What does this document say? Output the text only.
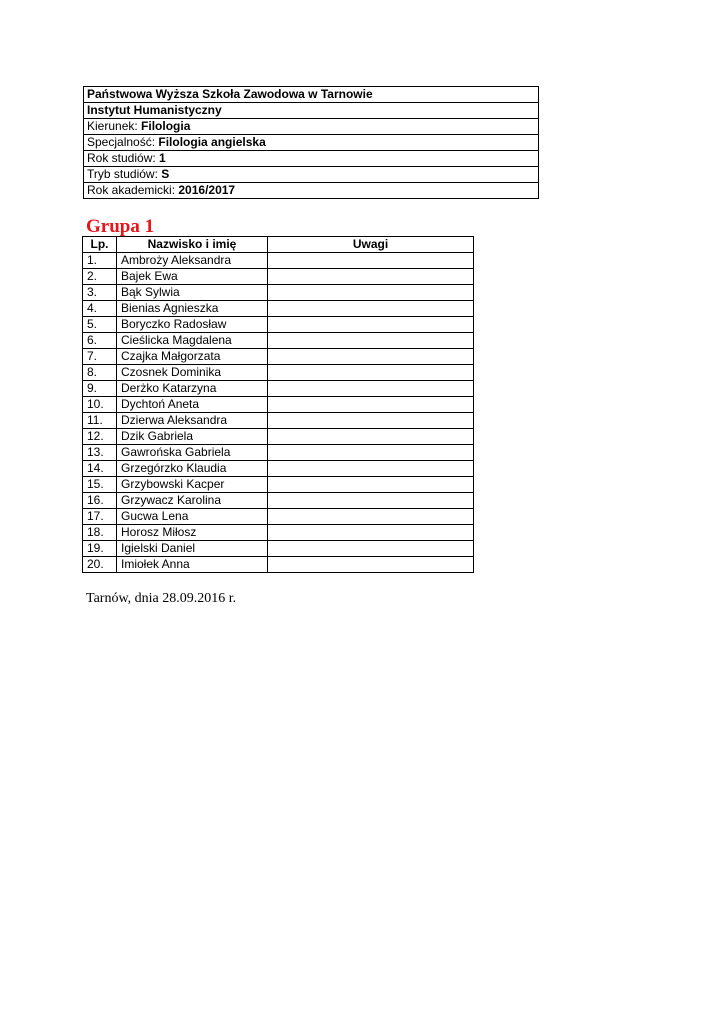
Państwowa Wyższa Szkoła Zawodowa w Tarnowie
Instytut Humanistyczny
Kierunek: Filologia
Specjalność: Filologia angielska
Rok studiów: 1
Tryb studiów: S
Rok akademicki: 2016/2017
Grupa 1
Lp.	Nazwisko i imię	Uwagi
1.	Ambroży Aleksandra	
2.	Bajek Ewa	
3.	Bąk Sylwia	
4.	Bienias Agnieszka	
5.	Boryczko Radosław	
6.	Cieślicka Magdalena	
7.	Czajka Małgorzata	
8.	Czosnek Dominika	
9.	Derżko Katarzyna	
10.	Dychtoń Aneta	
11.	Dzierwa Aleksandra	
12.	Dzik Gabriela	
13.	Gawrońska Gabriela	
14.	Grzegórzko Klaudia	
15.	Grzybowski Kacper	
16.	Grzywacz Karolina	
17.	Gucwa Lena	
18.	Horosz Miłosz	
19.	Igielski Daniel	
20.	Imiołek Anna	
Tarnów, dnia 28.09.2016 r.
